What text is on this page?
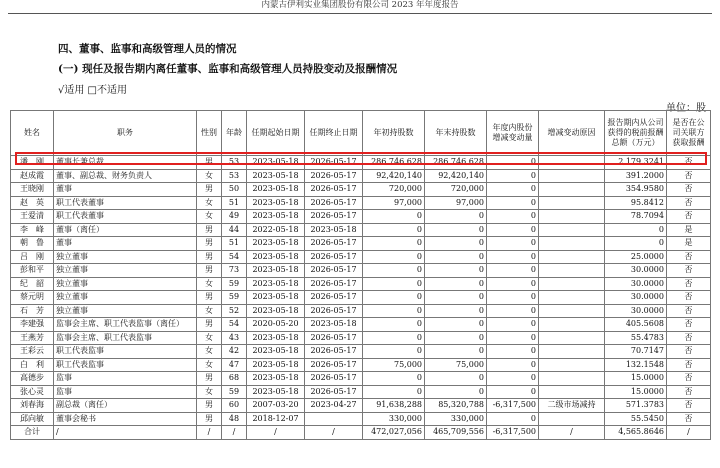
内蒙古伊利实业集团股份有限公司 2023 年年度报告
四、董事、监事和高级管理人员的情况
(一) 现任及报告期内离任董事、监事和高级管理人员持股变动及报酬情况
√适用 □不适用
单位：股
姓名	职务	性别	年龄	任期起始日期	任期终止日期	年初持股数	年末持股数	年度内股份增减变动量	增减变动原因	报告期内从公司获得的税前报酬总额（万元）	是否在公司关联方获取报酬
潘　刚	董事长兼总裁	男	53	2023-05-18	2026-05-17	286,746,628	286,746,628	0		2,179.3241	否
赵成霞	董事、副总裁、财务负责人	女	53	2023-05-18	2026-05-17	92,420,140	92,420,140	0		391.2000	否
王晓刚	董事	男	50	2023-05-18	2026-05-17	720,000	720,000	0		354.9580	否
赵　英	职工代表董事	女	51	2023-05-18	2026-05-17	97,000	97,000	0		95.8412	否
王爱清	职工代表董事	女	49	2023-05-18	2026-05-17	0	0	0		78.7094	否
李　峰	董事（离任）	男	44	2022-05-18	2023-05-18	0	0	0		0	是
朝　鲁	董事	男	51	2023-05-18	2026-05-17	0	0	0		0	是
吕　刚	独立董事	男	54	2023-05-18	2026-05-17	0	0	0		25.0000	否
彭和平	独立董事	男	73	2023-05-18	2026-05-17	0	0	0		30.0000	否
纪　韶	独立董事	女	59	2023-05-18	2026-05-17	0	0	0		30.0000	否
蔡元明	独立董事	男	59	2023-05-18	2026-05-17	0	0	0		30.0000	否
石　芳	独立董事	女	52	2023-05-18	2026-05-17	0	0	0		30.0000	否
李建强	监事会主席、职工代表监事（离任）	男	54	2020-05-20	2023-05-18	0	0	0		405.5608	否
王燕芳	监事会主席、职工代表监事	女	43	2023-05-18	2026-05-17	0	0	0		55.4783	否
王彩云	职工代表监事	女	42	2023-05-18	2026-05-17	0	0	0		70.7147	否
白　利	职工代表监事	女	47	2023-05-18	2026-05-17	75,000	75,000	0		132.1548	否
高德步	监事	男	68	2023-05-18	2026-05-17	0	0	0		15.0000	否
张心灵	监事	女	59	2023-05-18	2026-05-17	0	0	0		15.0000	否
刘春海	副总裁（离任）	男	60	2007-03-20	2023-04-27	91,638,288	85,320,788	-6,317,500	二级市场减持	571.3783	否
邱向敏	董事会秘书	男	48	2018-12-07		330,000	330,000	0		55.5450	否
合计	/	/	/	/	/	472,027,056	465,709,556	-6,317,500	/	4,565.8646	/
